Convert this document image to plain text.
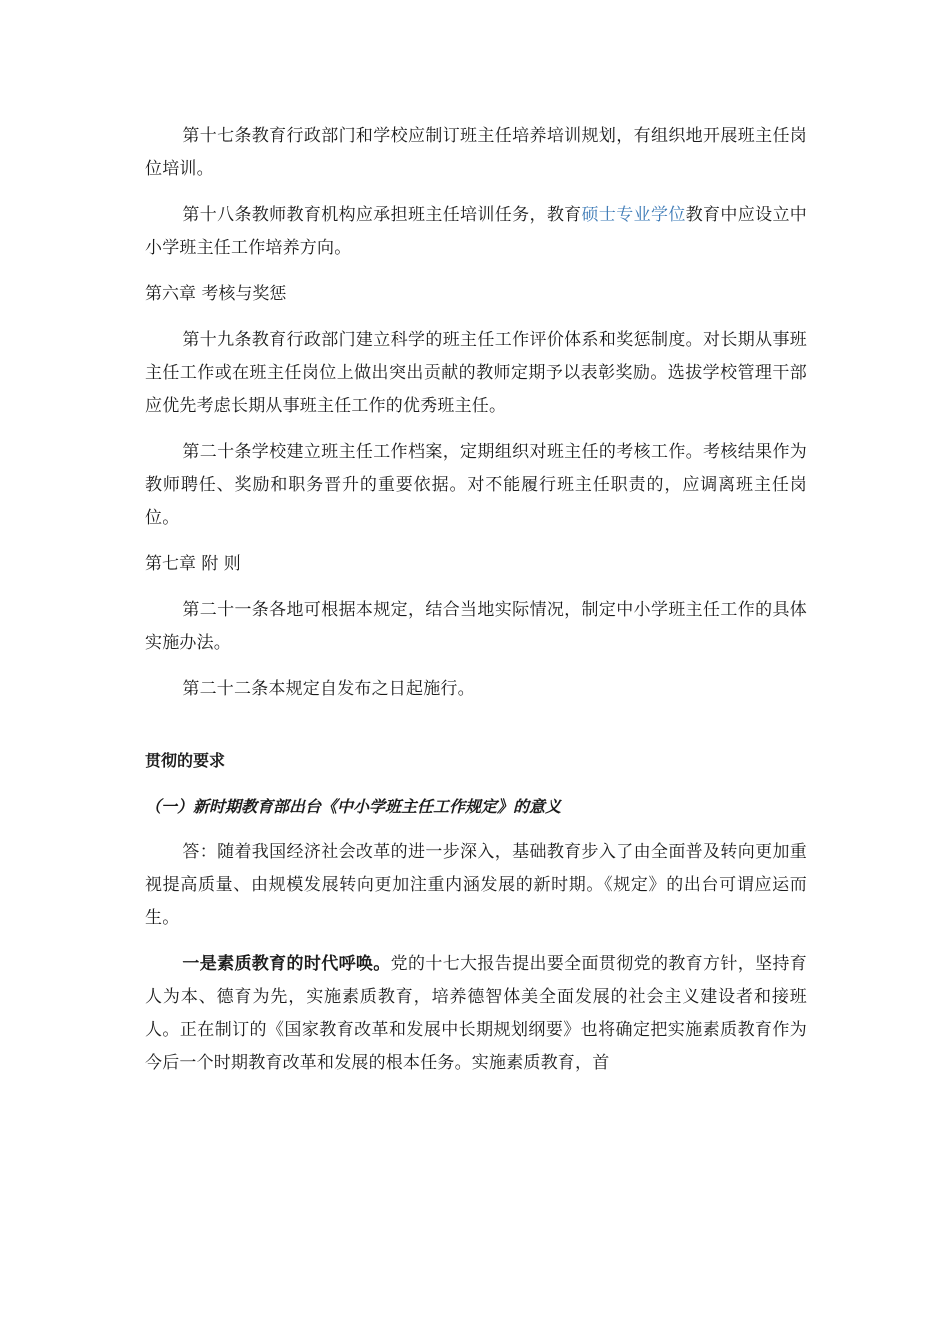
第十七条教育行政部门和学校应制订班主任培养培训规划，有组织地开展班主任岗位培训。

第十八条教师教育机构应承担班主任培训任务，教育硕士专业学位教育中应设立中小学班主任工作培养方向。

第六章 考核与奖惩

第十九条教育行政部门建立科学的班主任工作评价体系和奖惩制度。对长期从事班主任工作或在班主任岗位上做出突出贡献的教师定期予以表彰奖励。选拔学校管理干部应优先考虑长期从事班主任工作的优秀班主任。

第二十条学校建立班主任工作档案，定期组织对班主任的考核工作。考核结果作为教师聘任、奖励和职务晋升的重要依据。对不能履行班主任职责的，应调离班主任岗位。

第七章 附 则

第二十一条各地可根据本规定，结合当地实际情况，制定中小学班主任工作的具体实施办法。

第二十二条本规定自发布之日起施行。

贯彻的要求
（一）新时期教育部出台《中小学班主任工作规定》的意义

答：随着我国经济社会改革的进一步深入，基础教育步入了由全面普及转向更加重视提高质量、由规模发展转向更加注重内涵发展的新时期。《规定》的出台可谓应运而生。

一是素质教育的时代呼唤。党的十七大报告提出要全面贯彻党的教育方针，坚持育人为本、德育为先，实施素质教育，培养德智体美全面发展的社会主义建设者和接班人。正在制订的《国家教育改革和发展中长期规划纲要》也将确定把实施素质教育作为今后一个时期教育改革和发展的根本任务。实施素质教育，首
